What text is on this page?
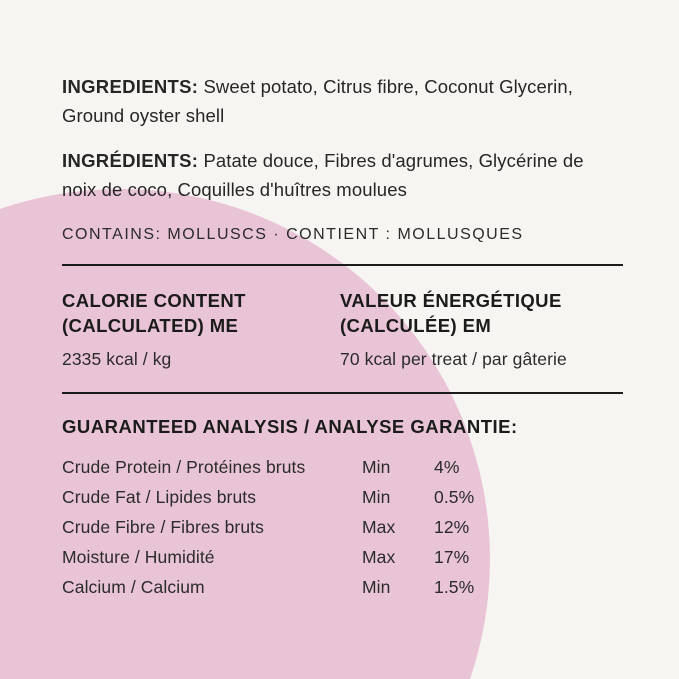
INGREDIENTS: Sweet potato, Citrus fibre, Coconut Glycerin, Ground oyster shell
INGRÉDIENTS: Patate douce, Fibres d'agrumes, Glycérine de noix de coco, Coquilles d'huîtres moulues
CONTAINS: MOLLUSCS · CONTIENT : MOLLUSQUES
CALORIE CONTENT (CALCULATED) ME
2335 kcal / kg
VALEUR ÉNERGÉTIQUE (CALCULÉE) EM
70 kcal per treat / par gâterie
GUARANTEED ANALYSIS / ANALYSE GARANTIE:
Crude Protein / Protéines bruts	Min	4%
Crude Fat / Lipides bruts	Min	0.5%
Crude Fibre / Fibres bruts	Max	12%
Moisture / Humidité	Max	17%
Calcium / Calcium	Min	1.5%
